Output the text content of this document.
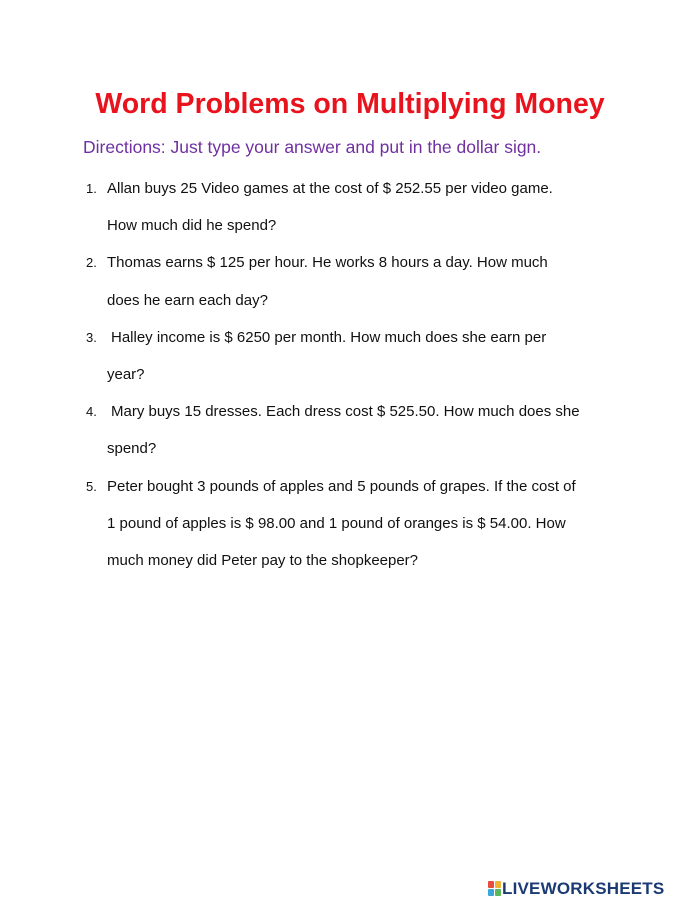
Word Problems on Multiplying Money
Directions: Just type your answer and put in the dollar sign.
1. Allan buys 25 Video games at the cost of $ 252.55 per video game.
How much did he spend?
2. Thomas earns $ 125 per hour. He works 8 hours a day. How much
does he earn each day?
3. Halley income is $ 6250 per month. How much does she earn per
year?
4. Mary buys 15 dresses. Each dress cost $ 525.50. How much does she
spend?
5. Peter bought 3 pounds of apples and 5 pounds of grapes. If the cost of
1 pound of apples is $ 98.00 and 1 pound of oranges is $ 54.00. How
much money did Peter pay to the shopkeeper?
LIVEWORKSHEETS
